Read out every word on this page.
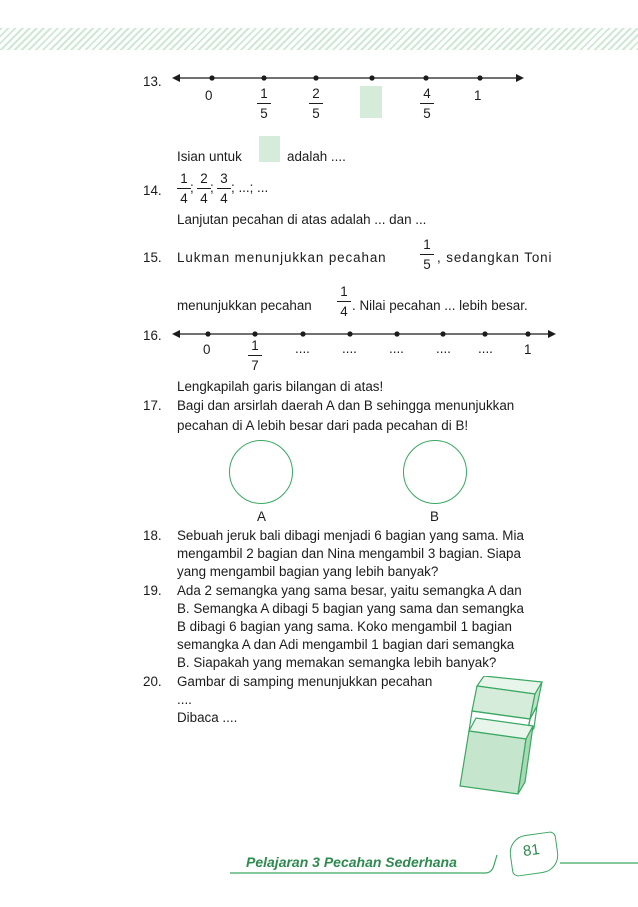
13.
0	1
5
2
5
4
5
1
Isian untuk	adalah ....
14.
1
4
;
2
4
;
3
4
; ...; ...
Lanjutan pecahan di atas adalah ... dan ...
15. Lukman menunjukkan pecahan
1
5 , sedangkan Toni
menunjukkan pecahan
1
4 . Nilai pecahan ... lebih besar.
16.
0	1
7
.... .... .... .... .... 1
Lengkapilah garis bilangan di atas!
17. Bagi dan arsirlah daerah A dan B sehingga menunjukkan
pecahan di A lebih besar dari pada pecahan di B!
A	B
18. Sebuah jeruk bali dibagi menjadi 6 bagian yang sama. Mia
mengambil 2 bagian dan Nina mengambil 3 bagian. Siapa
yang mengambil bagian yang lebih banyak?
19. Ada 2 semangka yang sama besar, yaitu semangka A dan
B. Semangka A dibagi 5 bagian yang sama dan semangka
B dibagi 6 bagian yang sama. Koko mengambil 1 bagian
semangka A dan Adi mengambil 1 bagian dari semangka
B. Siapakah yang memakan semangka lebih banyak?
20. Gambar di samping menunjukkan pecahan
....
Dibaca ....
Pelajaran 3 Pecahan Sederhana
81
